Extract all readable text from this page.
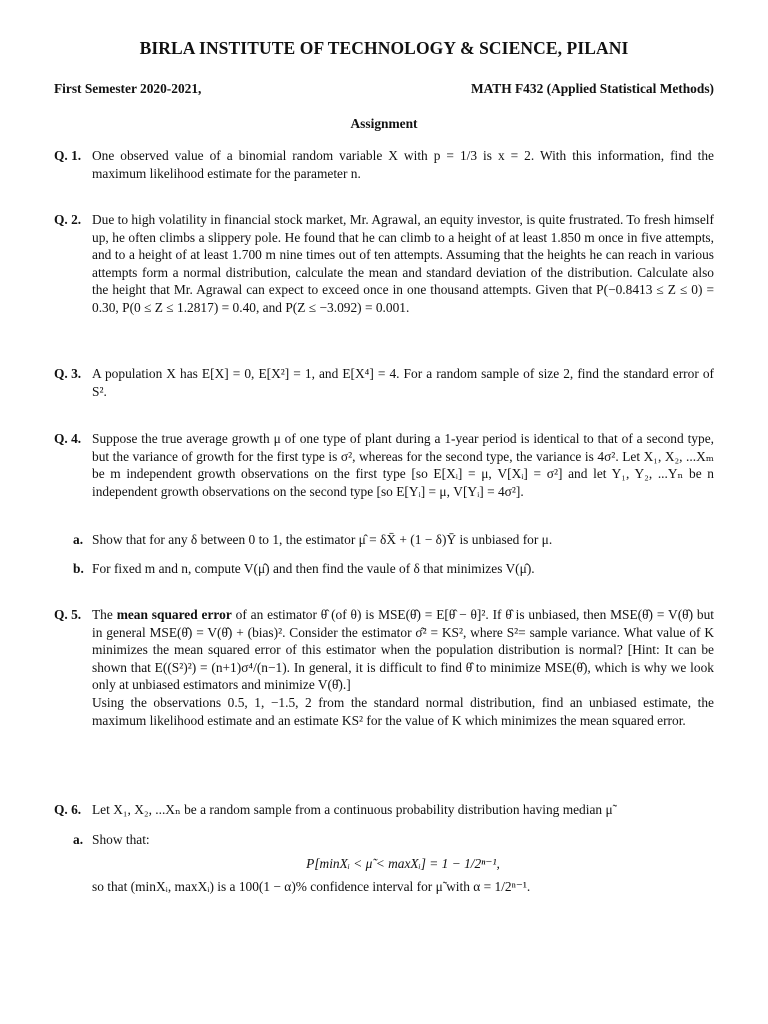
BIRLA INSTITUTE OF TECHNOLOGY & SCIENCE, PILANI
First Semester 2020-2021,	MATH F432 (Applied Statistical Methods)
Assignment
Q. 1. One observed value of a binomial random variable X with p = 1/3 is x = 2. With this information, find the maximum likelihood estimate for the parameter n.
Q. 2. Due to high volatility in financial stock market, Mr. Agrawal, an equity investor, is quite frustrated. To fresh himself up, he often climbs a slippery pole. He found that he can climb to a height of at least 1.850 m once in five attempts, and to a height of at least 1.700 m nine times out of ten attempts. Assuming that the heights he can reach in various attempts form a normal distribution, calculate the mean and standard deviation of the distribution. Calculate also the height that Mr. Agrawal can expect to exceed once in one thousand attempts. Given that P(−0.8413 ≤ Z ≤ 0) = 0.30, P(0 ≤ Z ≤ 1.2817) = 0.40, and P(Z ≤ −3.092) = 0.001.
Q. 3. A population X has E[X] = 0, E[X²] = 1, and E[X⁴] = 4. For a random sample of size 2, find the standard error of S².
Q. 4. Suppose the true average growth μ of one type of plant during a 1-year period is identical to that of a second type, but the variance of growth for the first type is σ², whereas for the second type, the variance is 4σ². Let X₁, X₂, ...Xₘ be m independent growth observations on the first type [so E[Xᵢ] = μ, V[Xᵢ] = σ²] and let Y₁, Y₂, ...Yₙ be n independent growth observations on the second type [so E[Yᵢ] = μ, V[Yᵢ] = 4σ²].
a. Show that for any δ between 0 to 1, the estimator μ̂ = δX̄ + (1 − δ)Ȳ is unbiased for μ.
b. For fixed m and n, compute V(μ̂) and then find the vaule of δ that minimizes V(μ̂).
Q. 5. The mean squared error of an estimator θ̂ (of θ) is MSE(θ̂) = E[θ̂ − θ]². If θ̂ is unbiased, then MSE(θ̂) = V(θ̂) but in general MSE(θ̂) = V(θ̂) + (bias)². Consider the estimator σ̂² = KS², where S²= sample variance. What value of K minimizes the mean squared error of this estimator when the population distribution is normal? [Hint: It can be shown that E((S²)²) = (n+1)σ⁴/(n−1). In general, it is difficult to find θ̂ to minimize MSE(θ̂), which is why we look only at unbiased estimators and minimize V(θ̂).]
Using the observations 0.5, 1, −1.5, 2 from the standard normal distribution, find an unbiased estimate, the maximum likelihood estimate and an estimate KS² for the value of K which minimizes the mean squared error.
Q. 6. Let X₁, X₂, ...Xₙ be a random sample from a continuous probability distribution having median μ̃
a. Show that:
P[minXᵢ < μ̃ < maxXᵢ] = 1 − 1/2ⁿ⁻¹,
so that (minXᵢ, maxXᵢ) is a 100(1 − α)% confidence interval for μ̃ with α = 1/2ⁿ⁻¹.
